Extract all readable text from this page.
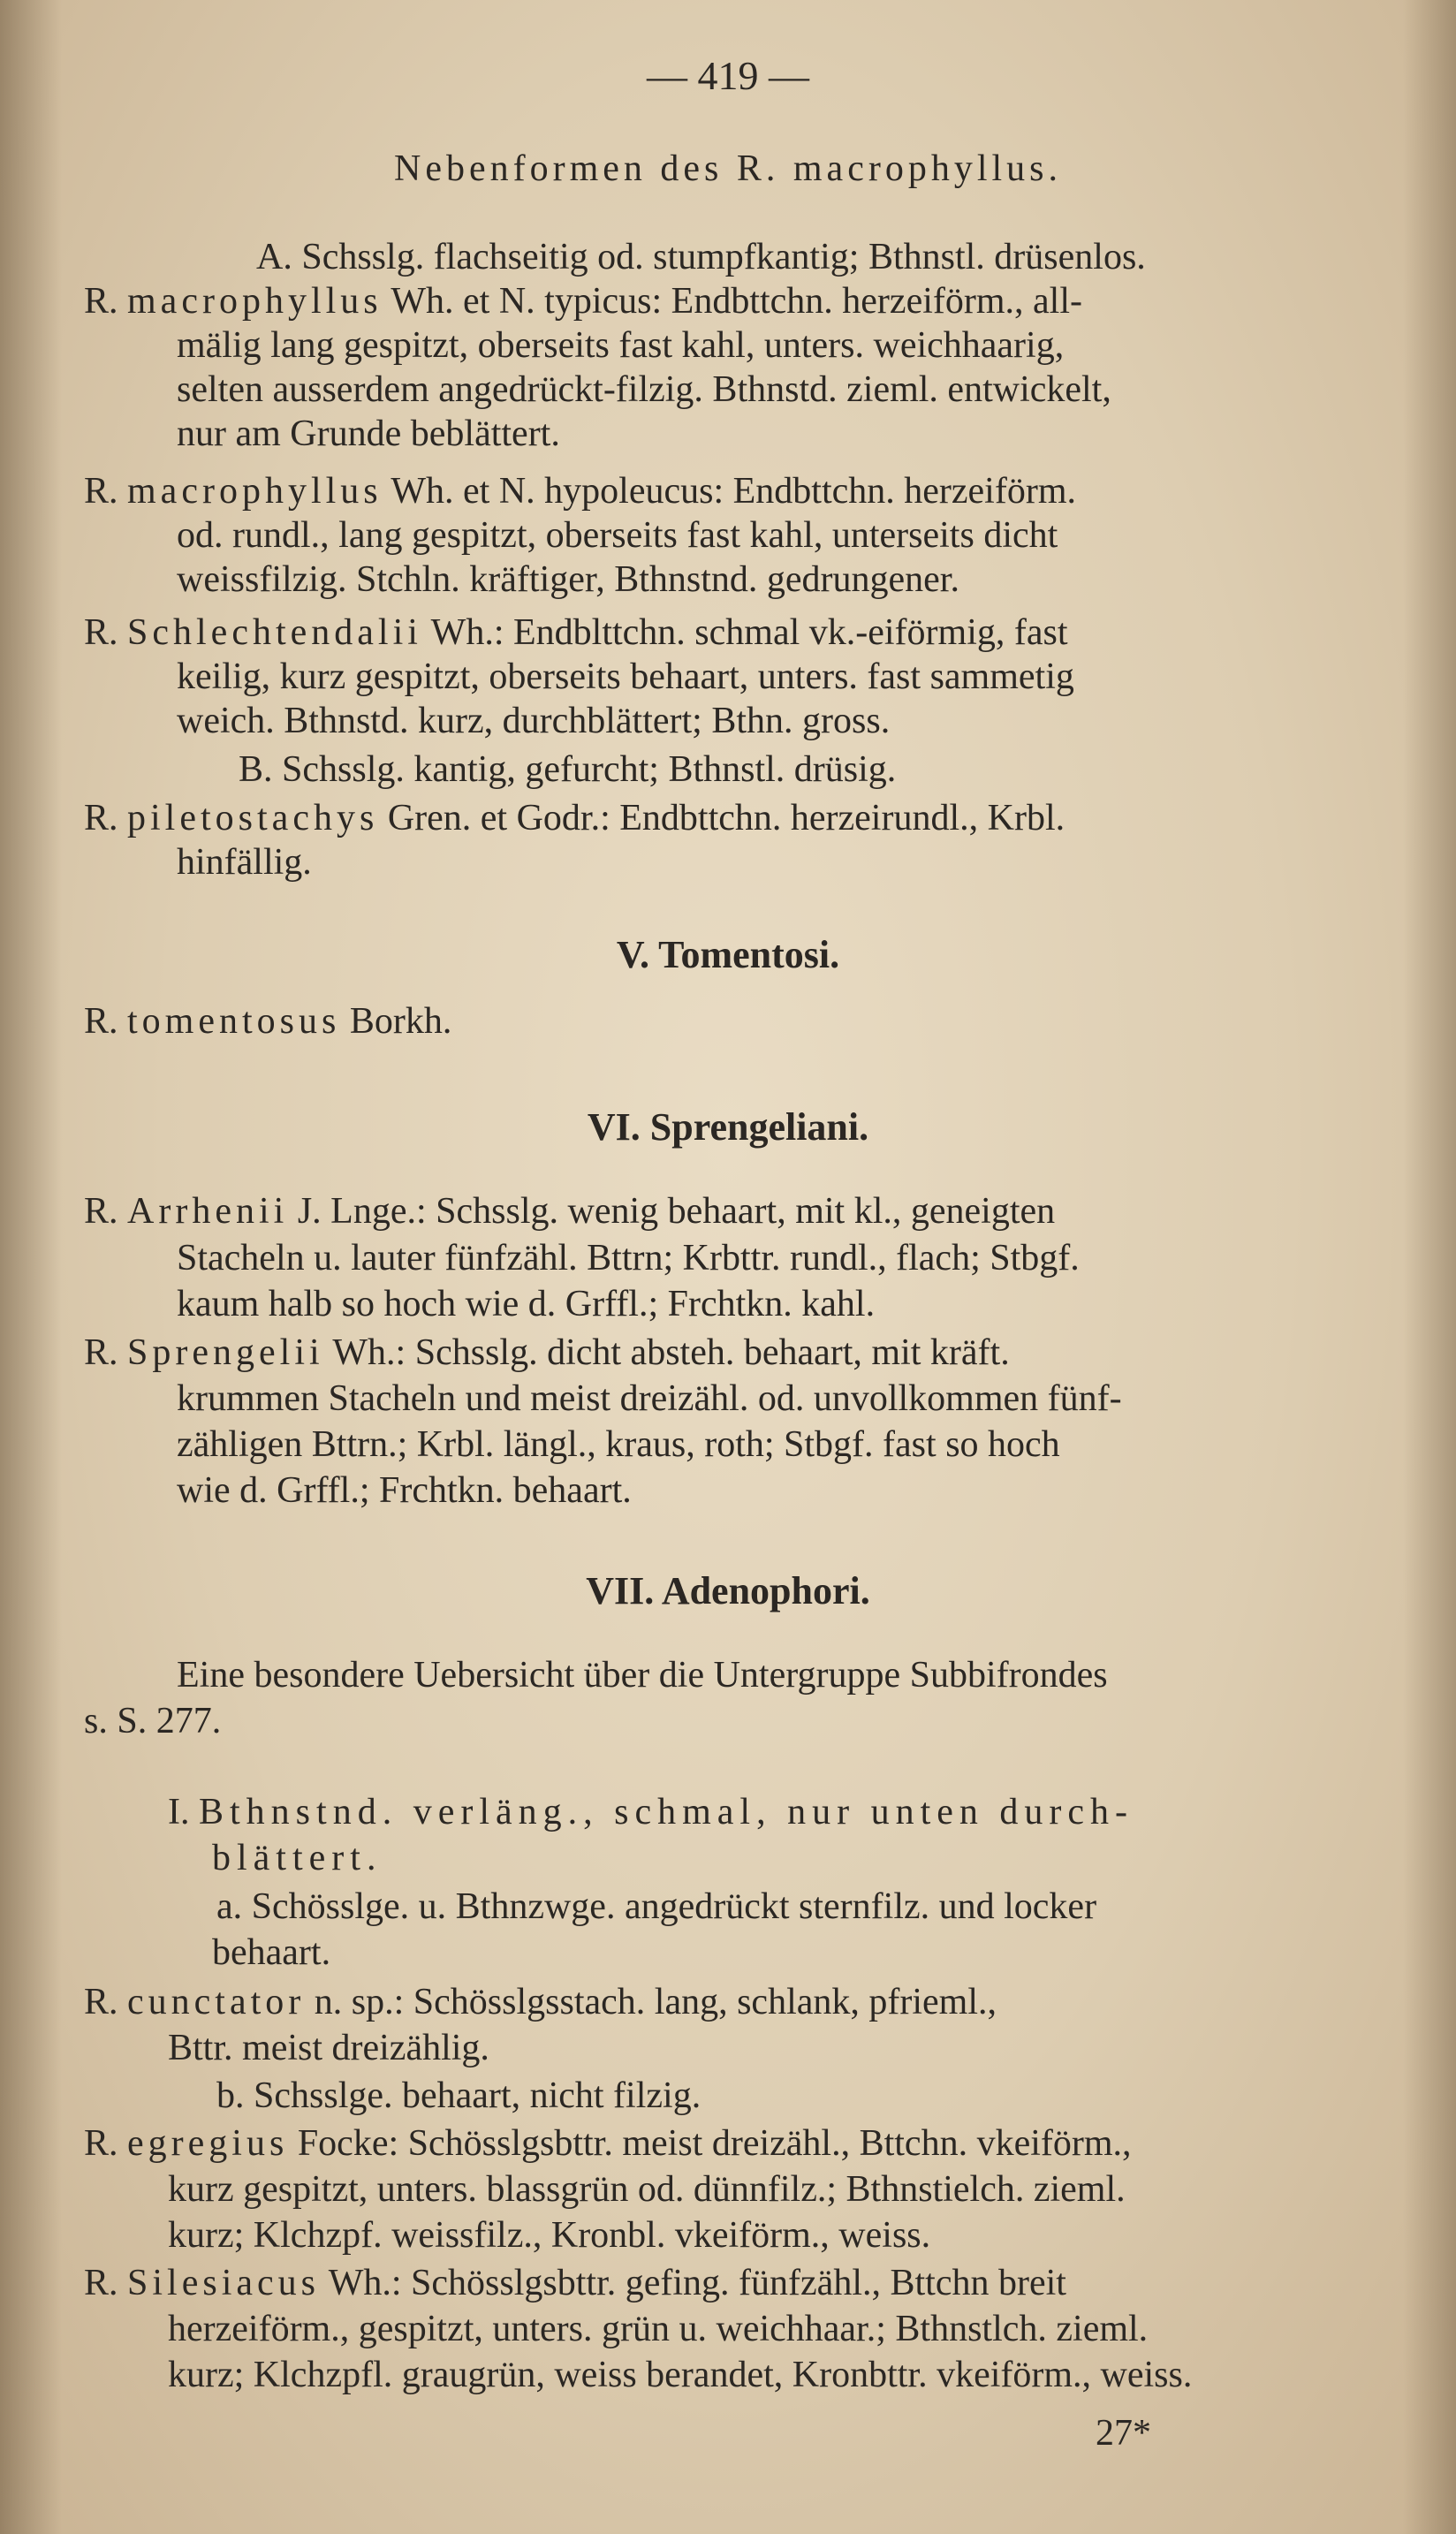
— 419 —
Nebenformen des R. macrophyllus.
A. Schsslg. flachseitig od. stumpfkantig; Bthnstl. drüsenlos.
R. macrophyllus Wh. et N. typicus: Endbttchn. herzeiförm., all-
mälig lang gespitzt, oberseits fast kahl, unters. weichhaarig,
selten ausserdem angedrückt-filzig. Bthnstd. zieml. entwickelt,
nur am Grunde beblättert.
R. macrophyllus Wh. et N. hypoleucus: Endbttchn. herzeiförm.
od. rundl., lang gespitzt, oberseits fast kahl, unterseits dicht
weissfilzig. Stchln. kräftiger, Bthnstnd. gedrungener.
R. Schlechtendalii Wh.: Endblttchn. schmal vk.-eiförmig, fast
keilig, kurz gespitzt, oberseits behaart, unters. fast sammetig
weich. Bthnstd. kurz, durchblättert; Bthn. gross.
B. Schsslg. kantig, gefurcht; Bthnstl. drüsig.
R. piletostachys Gren. et Godr.: Endbttchn. herzeirundl., Krbl.
hinfällig.
V. Tomentosi.
R. tomentosus Borkh.
VI. Sprengeliani.
R. Arrhenii J. Lnge.: Schsslg. wenig behaart, mit kl., geneigten
Stacheln u. lauter fünfzähl. Bttrn; Krbttr. rundl., flach; Stbgf.
kaum halb so hoch wie d. Grffl.; Frchtkn. kahl.
R. Sprengelii Wh.: Schsslg. dicht absteh. behaart, mit kräft.
krummen Stacheln und meist dreizähl. od. unvollkommen fünf-
zähligen Bttrn.; Krbl. längl., kraus, roth; Stbgf. fast so hoch
wie d. Grffl.; Frchtkn. behaart.
VII. Adenophori.
Eine besondere Uebersicht über die Untergruppe Subbifrondes
s. S. 277.
I. Bthnstnd. verläng., schmal, nur unten durch-
blättert.
a. Schösslge. u. Bthnzwge. angedrückt sternfilz. und locker
behaart.
R. cunctator n. sp.: Schösslgsstach. lang, schlank, pfrieml.,
Bttr. meist dreizählig.
b. Schsslge. behaart, nicht filzig.
R. egregius Focke: Schösslgsbttr. meist dreizähl., Bttchn. vkeiförm.,
kurz gespitzt, unters. blassgrün od. dünnfilz.; Bthnstielch. zieml.
kurz; Klchzpf. weissfilz., Kronbl. vkeiförm., weiss.
R. Silesiacus Wh.: Schösslgsbttr. gefing. fünfzähl., Bttchn breit
herzeiförm., gespitzt, unters. grün u. weichhaar.; Bthnstlch. zieml.
kurz; Klchzpfl. graugrün, weiss berandet, Kronbttr. vkeiförm., weiss.
27*
